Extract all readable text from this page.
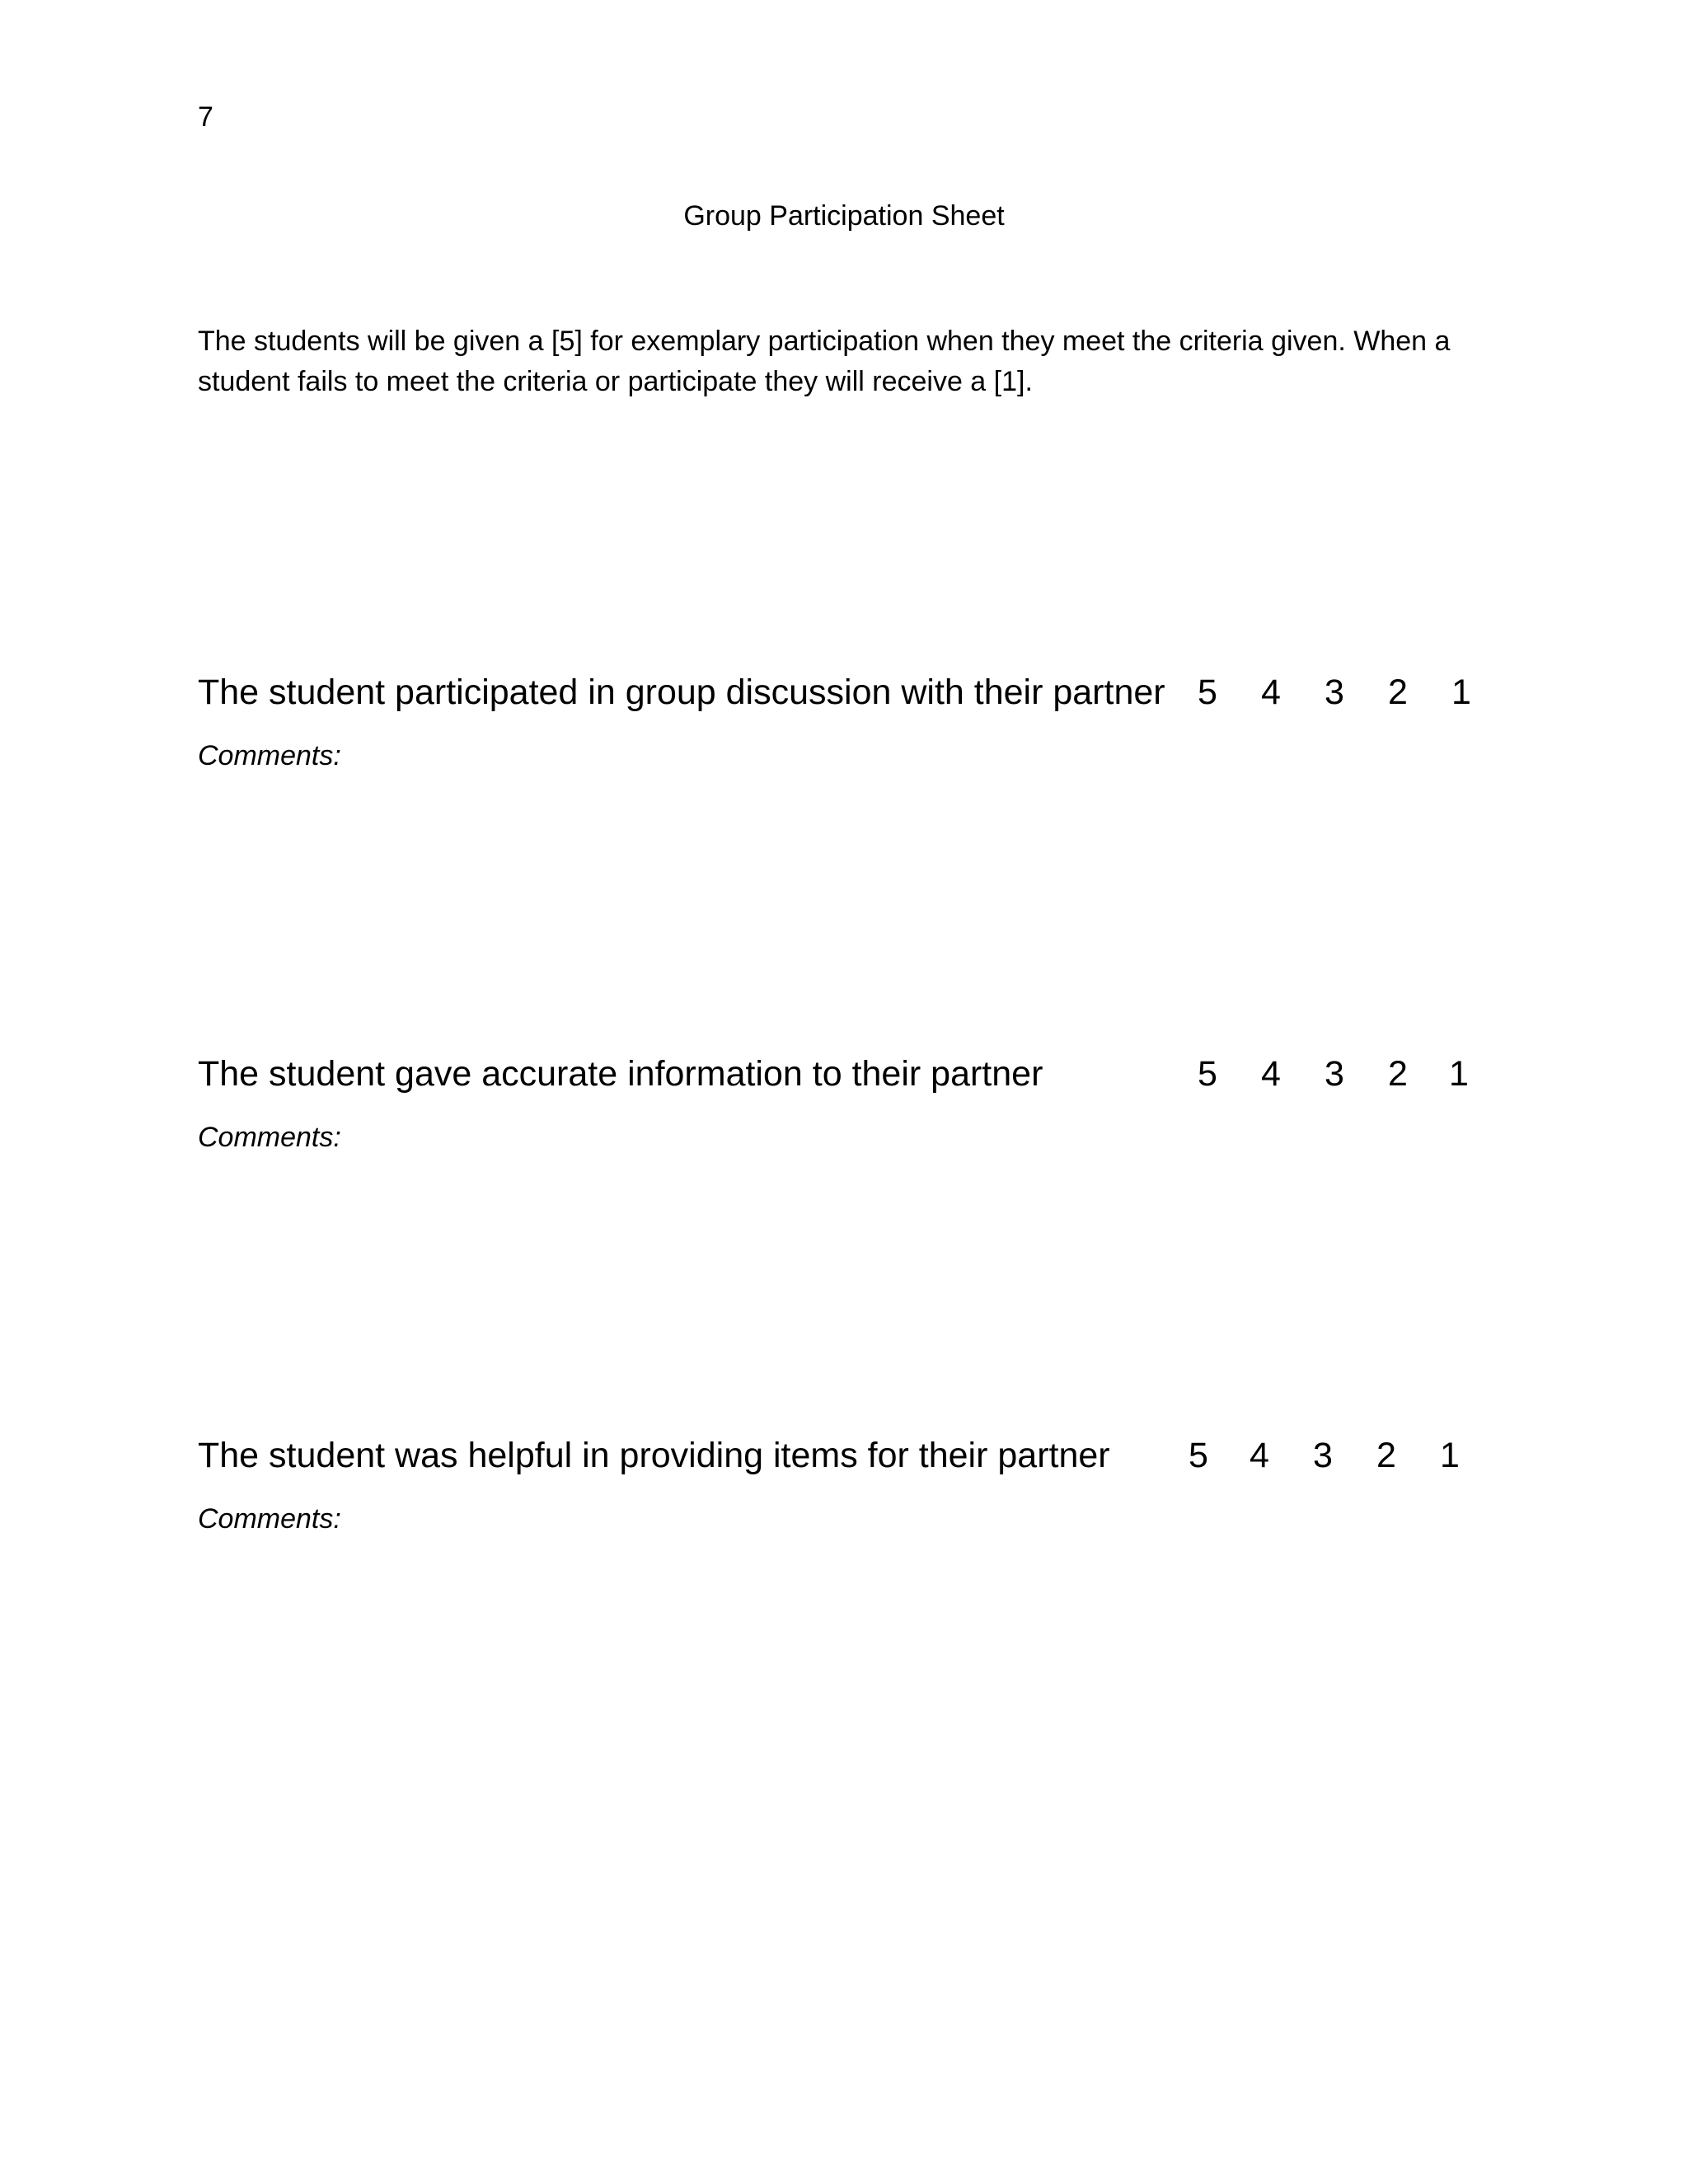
7
Group Participation Sheet
The students will be given a [5] for exemplary participation when they meet the criteria given. When a
student fails to meet the criteria or participate they will receive a [1].
The student participated in group discussion with their partner 5 4 3 2 1
Comments:
The student gave accurate information to their partner	5 4 3 2 1
Comments:
The student was helpful in providing items for their partner 5 4 3 2 1
Comments:
